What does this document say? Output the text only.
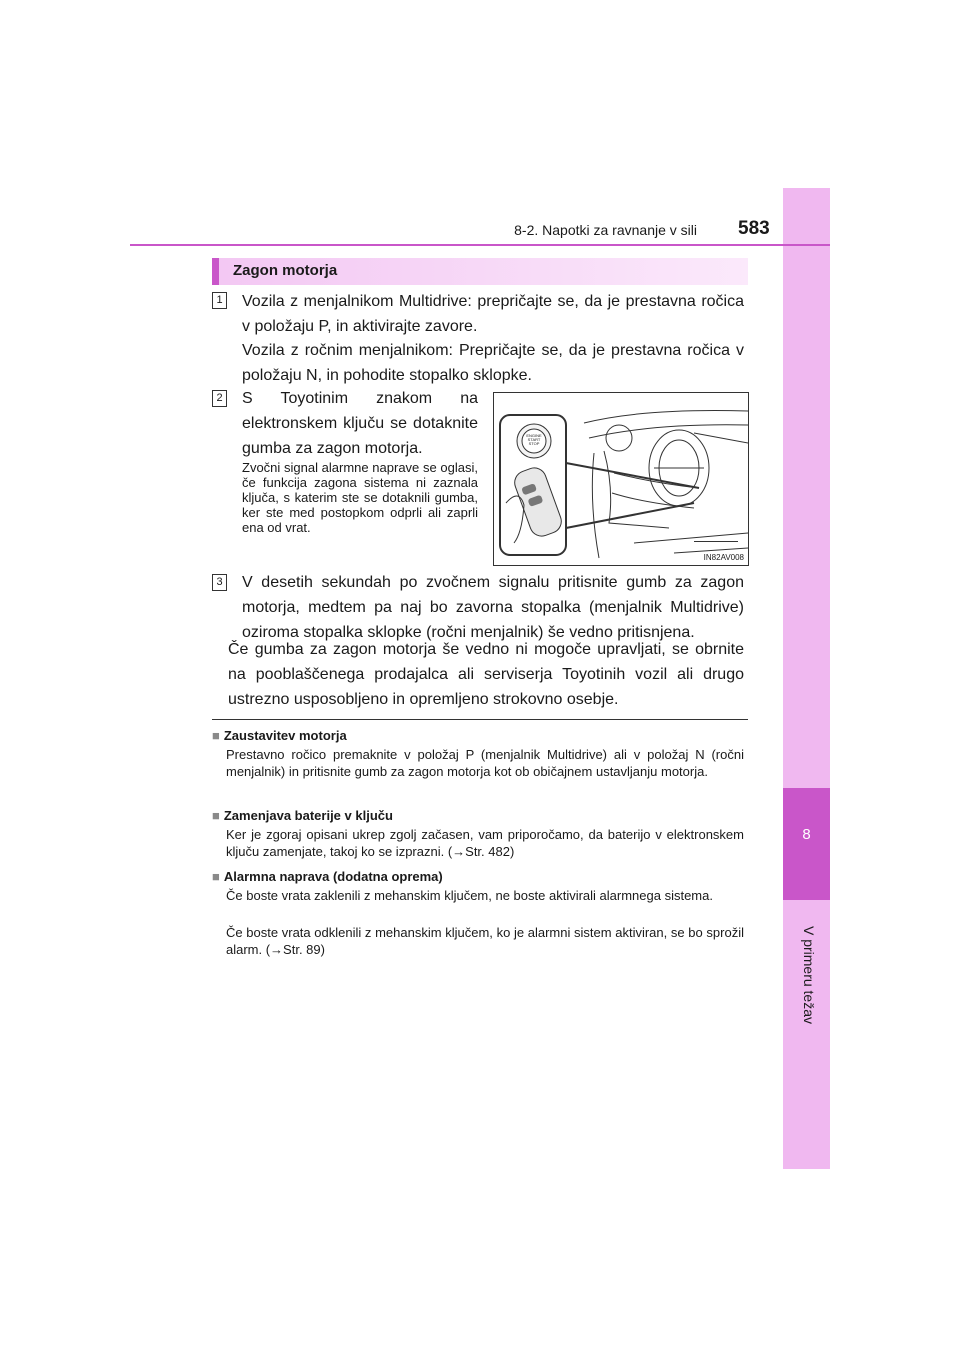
8
V primeru težav
8-2. Napotki za ravnanje v sili 583
Zagon motorja
1 Vozila z menjalnikom Multidrive: prepričajte se, da je prestavna ročica v položaju P, in aktivirajte zavore.
Vozila z ročnim menjalnikom: Prepričajte se, da je prestavna ročica v položaju N, in pohodite stopalko sklopke.
2 S Toyotinim znakom na elektronskem ključu se dotaknite gumba za zagon motorja.
Zvočni signal alarmne naprave se oglasi, če funkcija zagona sistema ni zaznala ključa, s katerim ste se dotaknili gumba, ker ste med postopkom odprli ali zaprli ena od vrat.
ENGINE
START
STOP
IN82AV008
3 V desetih sekundah po zvočnem signalu pritisnite gumb za zagon motorja, medtem pa naj bo zavorna stopalka (menjalnik Multidrive) oziroma stopalka sklopke (ročni menjalnik) še vedno pritisnjena.
Če gumba za zagon motorja še vedno ni mogoče upravljati, se obrnite na pooblaščenega prodajalca ali serviserja Toyotinih vozil ali drugo ustrezno usposobljeno in opremljeno strokovno osebje.
■ Zaustavitev motorja
Prestavno ročico premaknite v položaj P (menjalnik Multidrive) ali v položaj N (ročni menjalnik) in pritisnite gumb za zagon motorja kot ob običajnem ustavljanju motorja.
■ Zamenjava baterije v ključu
Ker je zgoraj opisani ukrep zgolj začasen, vam priporočamo, da baterijo v elektronskem ključu zamenjate, takoj ko se izprazni. (→Str. 482)
■ Alarmna naprava (dodatna oprema)
Če boste vrata zaklenili z mehanskim ključem, ne boste aktivirali alarmnega sistema.
Če boste vrata odklenili z mehanskim ključem, ko je alarmni sistem aktiviran, se bo sprožil alarm. (→Str. 89)
